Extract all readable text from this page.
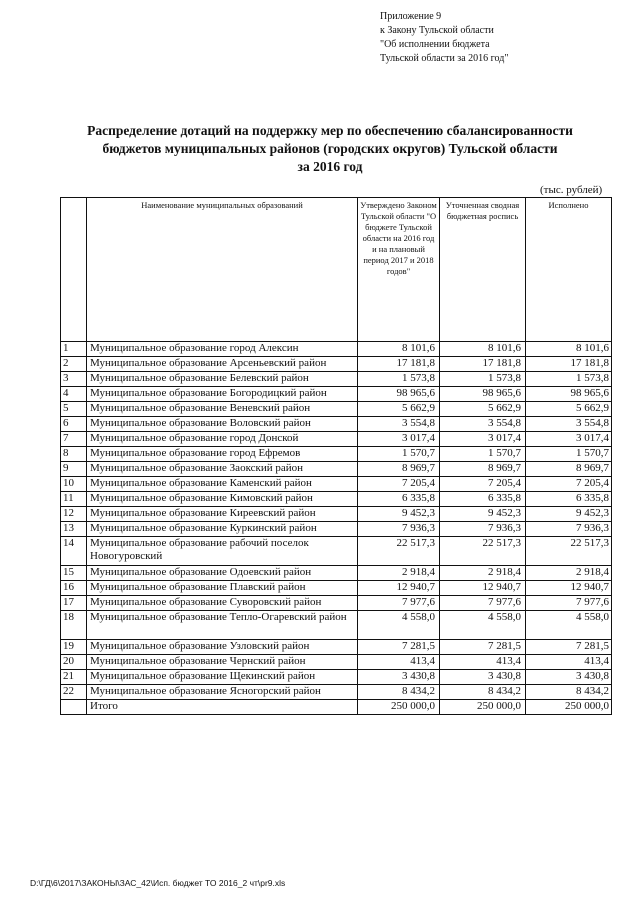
Приложение 9
к Закону Тульской области
"Об исполнении бюджета
Тульской области за 2016 год"
Распределение дотаций на поддержку мер по обеспечению сбалансированности
бюджетов муниципальных районов (городских округов) Тульской области
за 2016 год
(тыс. рублей)
	Наименование муниципальных образований	Утверждено Законом Тульской области "О бюджете Тульской области на 2016 год и на плановый период 2017 и 2018 годов"	Уточненная сводная бюджетная роспись	Исполнено
1	Муниципальное образование город Алексин	8 101,6	8 101,6	8 101,6
2	Муниципальное образование Арсеньевский район	17 181,8	17 181,8	17 181,8
3	Муниципальное образование Белевский район	1 573,8	1 573,8	1 573,8
4	Муниципальное образование Богородицкий район	98 965,6	98 965,6	98 965,6
5	Муниципальное образование Веневский район	5 662,9	5 662,9	5 662,9
6	Муниципальное образование Воловский район	3 554,8	3 554,8	3 554,8
7	Муниципальное образование город Донской	3 017,4	3 017,4	3 017,4
8	Муниципальное образование город Ефремов	1 570,7	1 570,7	1 570,7
9	Муниципальное образование Заокский район	8 969,7	8 969,7	8 969,7
10	Муниципальное образование Каменский район	7 205,4	7 205,4	7 205,4
11	Муниципальное образование Кимовский район	6 335,8	6 335,8	6 335,8
12	Муниципальное образование Киреевский район	9 452,3	9 452,3	9 452,3
13	Муниципальное образование Куркинский район	7 936,3	7 936,3	7 936,3
14	Муниципальное образование рабочий поселок Новогуровский	22 517,3	22 517,3	22 517,3
15	Муниципальное образование Одоевский район	2 918,4	2 918,4	2 918,4
16	Муниципальное образование Плавский район	12 940,7	12 940,7	12 940,7
17	Муниципальное образование Суворовский район	7 977,6	7 977,6	7 977,6
18	Муниципальное образование Тепло-Огаревский район	4 558,0	4 558,0	4 558,0
19	Муниципальное образование Узловский район	7 281,5	7 281,5	7 281,5
20	Муниципальное образование Чернский район	413,4	413,4	413,4
21	Муниципальное образование Щекинский район	3 430,8	3 430,8	3 430,8
22	Муниципальное образование Ясногорский район	8 434,2	8 434,2	8 434,2
	Итого	250 000,0	250 000,0	250 000,0
D:\ГД\6\2017\ЗАКОНЫ\ЗАС_42\Исп. бюджет ТО 2016_2 чт\pr9.xls
